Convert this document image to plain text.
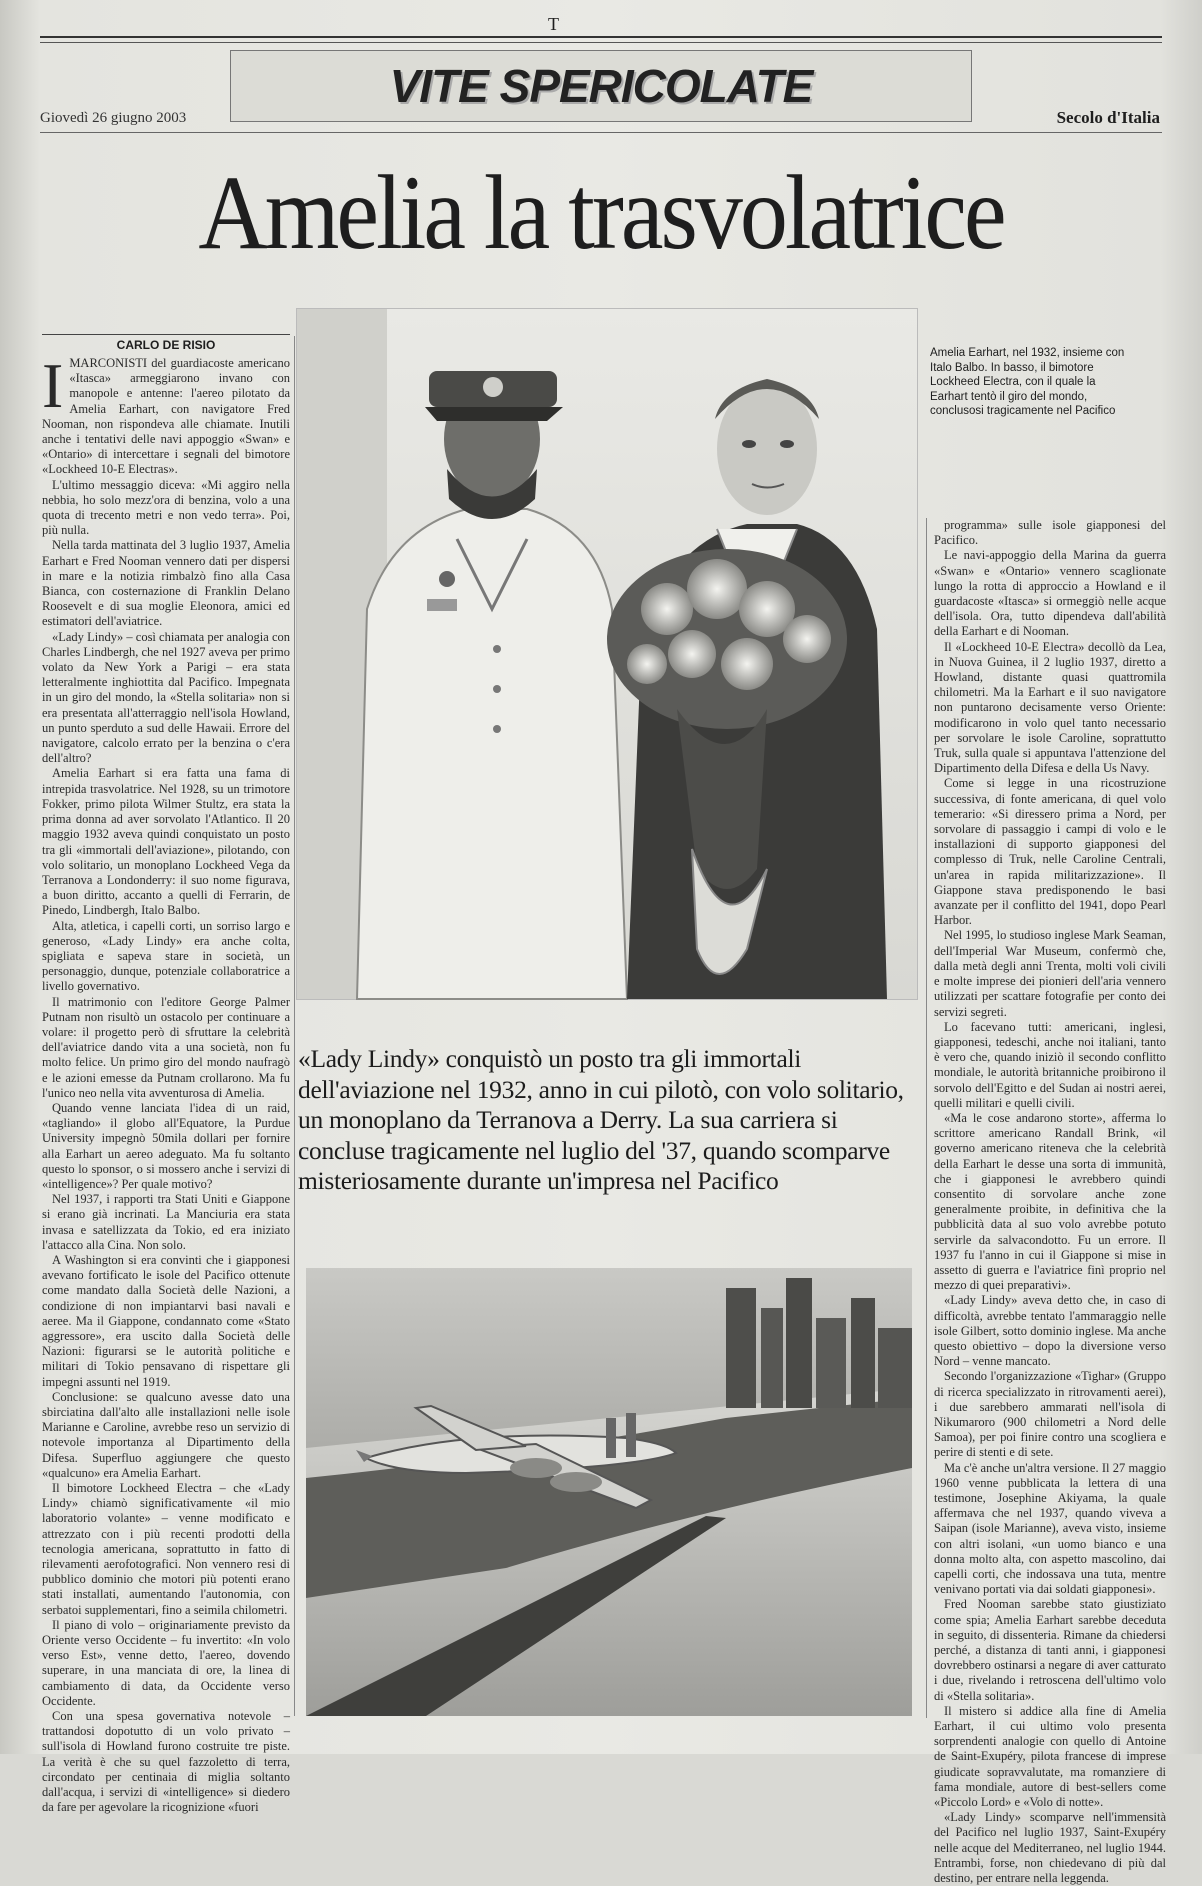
T
VITE SPERICOLATE
Giovedì 26 giugno 2003	Secolo d'Italia
Amelia la trasvolatrice
CARLO DE RISIO

IMARCONISTI del guardiacoste americano «Itasca» armeggiarono invano con manopole e antenne: l'aereo pilotato da Amelia Earhart, con navigatore Fred Nooman, non rispondeva alle chiamate. Inutili anche i tentativi delle navi appoggio «Swan» e «Ontario» di intercettare i segnali del bimotore «Lockheed 10-E Electras».

L'ultimo messaggio diceva: «Mi aggiro nella nebbia, ho solo mezz'ora di benzina, volo a una quota di trecento metri e non vedo terra». Poi, più nulla.

Nella tarda mattinata del 3 luglio 1937, Amelia Earhart e Fred Nooman vennero dati per dispersi in mare e la notizia rimbalzò fino alla Casa Bianca, con costernazione di Franklin Delano Roosevelt e di sua moglie Eleonora, amici ed estimatori dell'aviatrice.

«Lady Lindy» – così chiamata per analogia con Charles Lindbergh, che nel 1927 aveva per primo volato da New York a Parigi – era stata letteralmente inghiottita dal Pacifico. Impegnata in un giro del mondo, la «Stella solitaria» non si era presentata all'atterraggio nell'isola Howland, un punto sperduto a sud delle Hawaii. Errore del navigatore, calcolo errato per la benzina o c'era dell'altro?

Amelia Earhart si era fatta una fama di intrepida trasvolatrice. Nel 1928, su un trimotore Fokker, primo pilota Wilmer Stultz, era stata la prima donna ad aver sorvolato l'Atlantico. Il 20 maggio 1932 aveva quindi conquistato un posto tra gli «immortali dell'aviazione», pilotando, con volo solitario, un monoplano Lockheed Vega da Terranova a Londonderry: il suo nome figurava, a buon diritto, accanto a quelli di Ferrarin, de Pinedo, Lindbergh, Italo Balbo.

Alta, atletica, i capelli corti, un sorriso largo e generoso, «Lady Lindy» era anche colta, spigliata e sapeva stare in società, un personaggio, dunque, potenziale collaboratrice a livello governativo.

Il matrimonio con l'editore George Palmer Putnam non risultò un ostacolo per continuare a volare: il progetto però di sfruttare la celebrità dell'aviatrice dando vita a una società, non fu molto felice. Un primo giro del mondo naufragò e le azioni emesse da Putnam crollarono. Ma fu l'unico neo nella vita avventurosa di Amelia.

Quando venne lanciata l'idea di un raid, «tagliando» il globo all'Equatore, la Purdue University impegnò 50mila dollari per fornire alla Earhart un aereo adeguato. Ma fu soltanto questo lo sponsor, o si mossero anche i servizi di «intelligence»? Per quale motivo?

Nel 1937, i rapporti tra Stati Uniti e Giappone si erano già incrinati. La Manciuria era stata invasa e satellizzata da Tokio, ed era iniziato l'attacco alla Cina. Non solo.

A Washington si era convinti che i giapponesi avevano fortificato le isole del Pacifico ottenute come mandato dalla Società delle Nazioni, a condizione di non impiantarvi basi navali e aeree. Ma il Giappone, condannato come «Stato aggressore», era uscito dalla Società delle Nazioni: figurarsi se le autorità politiche e militari di Tokio pensavano di rispettare gli impegni assunti nel 1919.

Conclusione: se qualcuno avesse dato una sbirciatina dall'alto alle installazioni nelle isole Marianne e Caroline, avrebbe reso un servizio di notevole importanza al Dipartimento della Difesa. Superfluo aggiungere che questo «qualcuno» era Amelia Earhart.

Il bimotore Lockheed Electra – che «Lady Lindy» chiamò significativamente «il mio laboratorio volante» – venne modificato e attrezzato con i più recenti prodotti della tecnologia americana, soprattutto in fatto di rilevamenti aerofotografici. Non vennero resi di pubblico dominio che motori più potenti erano stati installati, aumentando l'autonomia, con serbatoi supplementari, fino a seimila chilometri.

Il piano di volo – originariamente previsto da Oriente verso Occidente – fu invertito: «In volo verso Est», venne detto, l'aereo, dovendo superare, in una manciata di ore, la linea di cambiamento di data, da Occidente verso Occidente.

Con una spesa governativa notevole – trattandosi dopotutto di un volo privato – sull'isola di Howland furono costruite tre piste. La verità è che su quel fazzoletto di terra, circondato per centinaia di miglia soltanto dall'acqua, i servizi di «intelligence» si diedero da fare per agevolare la ricognizione «fuori

Amelia Earhart, nel 1932, insieme con Italo Balbo. In basso, il bimotore Lockheed Electra, con il quale la Earhart tentò il giro del mondo, conclusosi tragicamente nel Pacifico
«Lady Lindy» conquistò un posto tra gli immortali dell'aviazione nel 1932, anno in cui pilotò, con volo solitario, un monoplano da Terranova a Derry. La sua carriera si concluse tragicamente nel luglio del '37, quando scomparve misteriosamente durante un'impresa nel Pacifico

programma» sulle isole giapponesi del Pacifico.

Le navi-appoggio della Marina da guerra «Swan» e «Ontario» vennero scaglionate lungo la rotta di approccio a Howland e il guardacoste «Itasca» si ormeggiò nelle acque dell'isola. Ora, tutto dipendeva dall'abilità della Earhart e di Nooman.

Il «Lockheed 10-E Electra» decollò da Lea, in Nuova Guinea, il 2 luglio 1937, diretto a Howland, distante quasi quattromila chilometri. Ma la Earhart e il suo navigatore non puntarono decisamente verso Oriente: modificarono in volo quel tanto necessario per sorvolare le isole Caroline, soprattutto Truk, sulla quale si appuntava l'attenzione del Dipartimento della Difesa e della Us Navy.

Come si legge in una ricostruzione successiva, di fonte americana, di quel volo temerario: «Si diressero prima a Nord, per sorvolare di passaggio i campi di volo e le installazioni di supporto giapponesi del complesso di Truk, nelle Caroline Centrali, un'area in rapida militarizzazione». Il Giappone stava predisponendo le basi avanzate per il conflitto del 1941, dopo Pearl Harbor.

Nel 1995, lo studioso inglese Mark Seaman, dell'Imperial War Museum, confermò che, dalla metà degli anni Trenta, molti voli civili e molte imprese dei pionieri dell'aria vennero utilizzati per scattare fotografie per conto dei servizi segreti.

Lo facevano tutti: americani, inglesi, giapponesi, tedeschi, anche noi italiani, tanto è vero che, quando iniziò il secondo conflitto mondiale, le autorità britanniche proibirono il sorvolo dell'Egitto e del Sudan ai nostri aerei, quelli militari e quelli civili.

«Ma le cose andarono storte», afferma lo scrittore americano Randall Brink, «il governo americano riteneva che la celebrità della Earhart le desse una sorta di immunità, che i giapponesi le avrebbero quindi consentito di sorvolare anche zone generalmente proibite, in definitiva che la pubblicità data al suo volo avrebbe potuto servirle da salvacondotto. Fu un errore. Il 1937 fu l'anno in cui il Giappone si mise in assetto di guerra e l'aviatrice finì proprio nel mezzo di quei preparativi».

«Lady Lindy» aveva detto che, in caso di difficoltà, avrebbe tentato l'ammaraggio nelle isole Gilbert, sotto dominio inglese. Ma anche questo obiettivo – dopo la diversione verso Nord – venne mancato.

Secondo l'organizzazione «Tighar» (Gruppo di ricerca specializzato in ritrovamenti aerei), i due sarebbero ammarati nell'isola di Nikumaroro (900 chilometri a Nord delle Samoa), per poi finire contro una scogliera e perire di stenti e di sete.

Ma c'è anche un'altra versione. Il 27 maggio 1960 venne pubblicata la lettera di una testimone, Josephine Akiyama, la quale affermava che nel 1937, quando viveva a Saipan (isole Marianne), aveva visto, insieme con altri isolani, «un uomo bianco e una donna molto alta, con aspetto mascolino, dai capelli corti, che indossava una tuta, mentre venivano portati via dai soldati giapponesi».

Fred Nooman sarebbe stato giustiziato come spia; Amelia Earhart sarebbe deceduta in seguito, di dissenteria. Rimane da chiedersi perché, a distanza di tanti anni, i giapponesi dovrebbero ostinarsi a negare di aver catturato i due, rivelando i retroscena dell'ultimo volo di «Stella solitaria».

Il mistero si addice alla fine di Amelia Earhart, il cui ultimo volo presenta sorprendenti analogie con quello di Antoine de Saint-Exupéry, pilota francese di imprese giudicate sopravvalutate, ma romanziere di fama mondiale, autore di best-sellers come «Piccolo Lord» e «Volo di notte».

«Lady Lindy» scomparve nell'immensità del Pacifico nel luglio 1937, Saint-Exupéry nelle acque del Mediterraneo, nel luglio 1944. Entrambi, forse, non chiedevano di più dal destino, per entrare nella leggenda.
